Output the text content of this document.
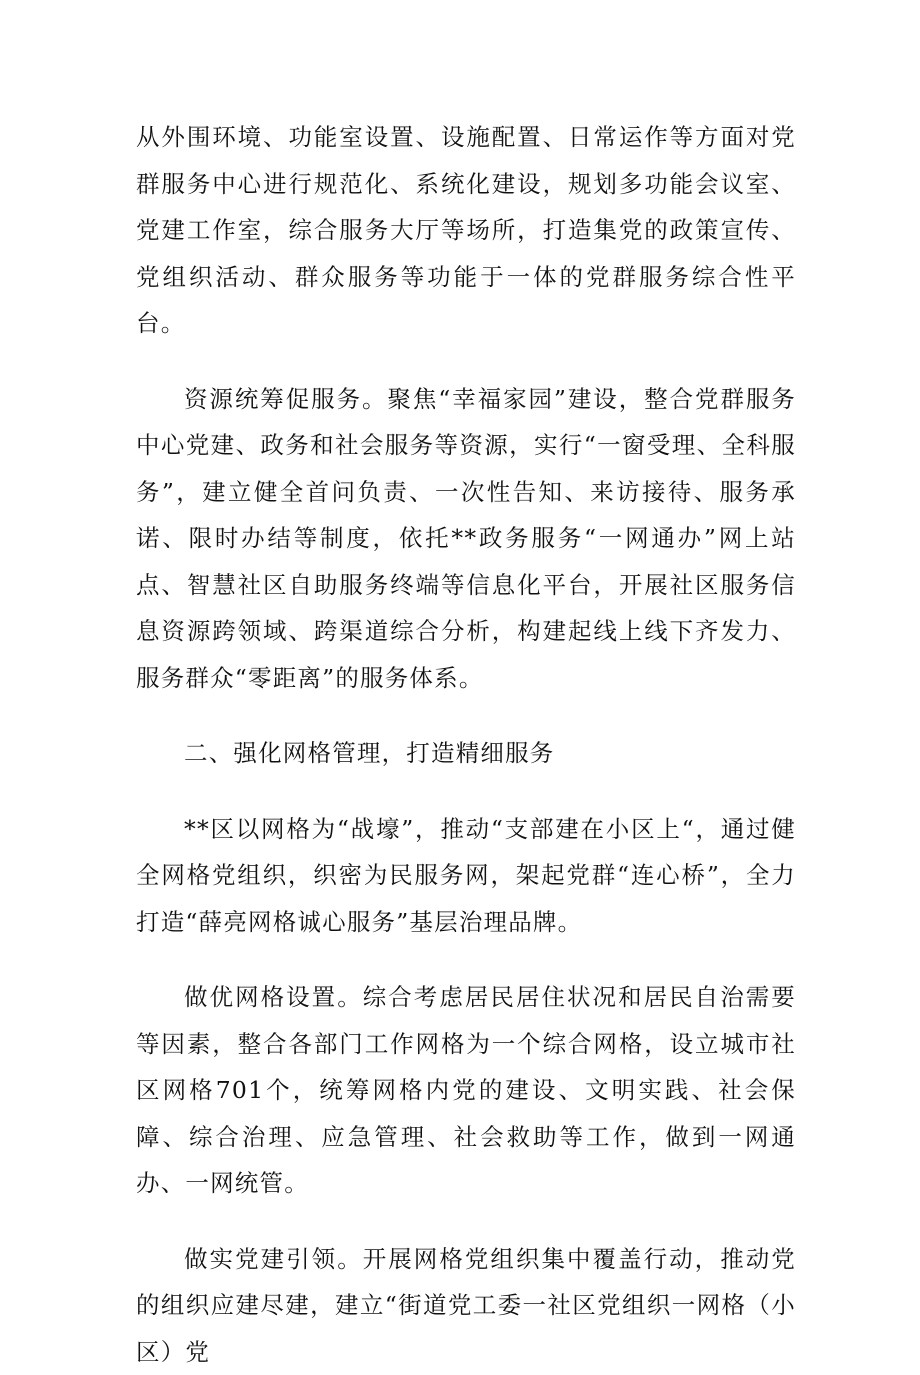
从外围环境、功能室设置、设施配置、日常运作等方面对党群服务中心进行规范化、系统化建设，规划多功能会议室、党建工作室，综合服务大厅等场所，打造集党的政策宣传、党组织活动、群众服务等功能于一体的党群服务综合性平台。

资源统筹促服务。聚焦“幸福家园”建设，整合党群服务中心党建、政务和社会服务等资源，实行“一窗受理、全科服务”，建立健全首问负责、一次性告知、来访接待、服务承诺、限时办结等制度，依托**政务服务“一网通办”网上站点、智慧社区自助服务终端等信息化平台，开展社区服务信息资源跨领域、跨渠道综合分析，构建起线上线下齐发力、服务群众“零距离”的服务体系。

二、强化网格管理，打造精细服务

**区以网格为“战壕”，推动“支部建在小区上“，通过健全网格党组织，织密为民服务网，架起党群“连心桥”，全力打造“薛亮网格诚心服务”基层治理品牌。

做优网格设置。综合考虑居民居住状况和居民自治需要等因素，整合各部门工作网格为一个综合网格，设立城市社区网格701个，统筹网格内党的建设、文明实践、社会保障、综合治理、应急管理、社会救助等工作，做到一网通办、一网统管。

做实党建引领。开展网格党组织集中覆盖行动，推动党的组织应建尽建，建立“街道党工委一社区党组织一网格（小区）党
